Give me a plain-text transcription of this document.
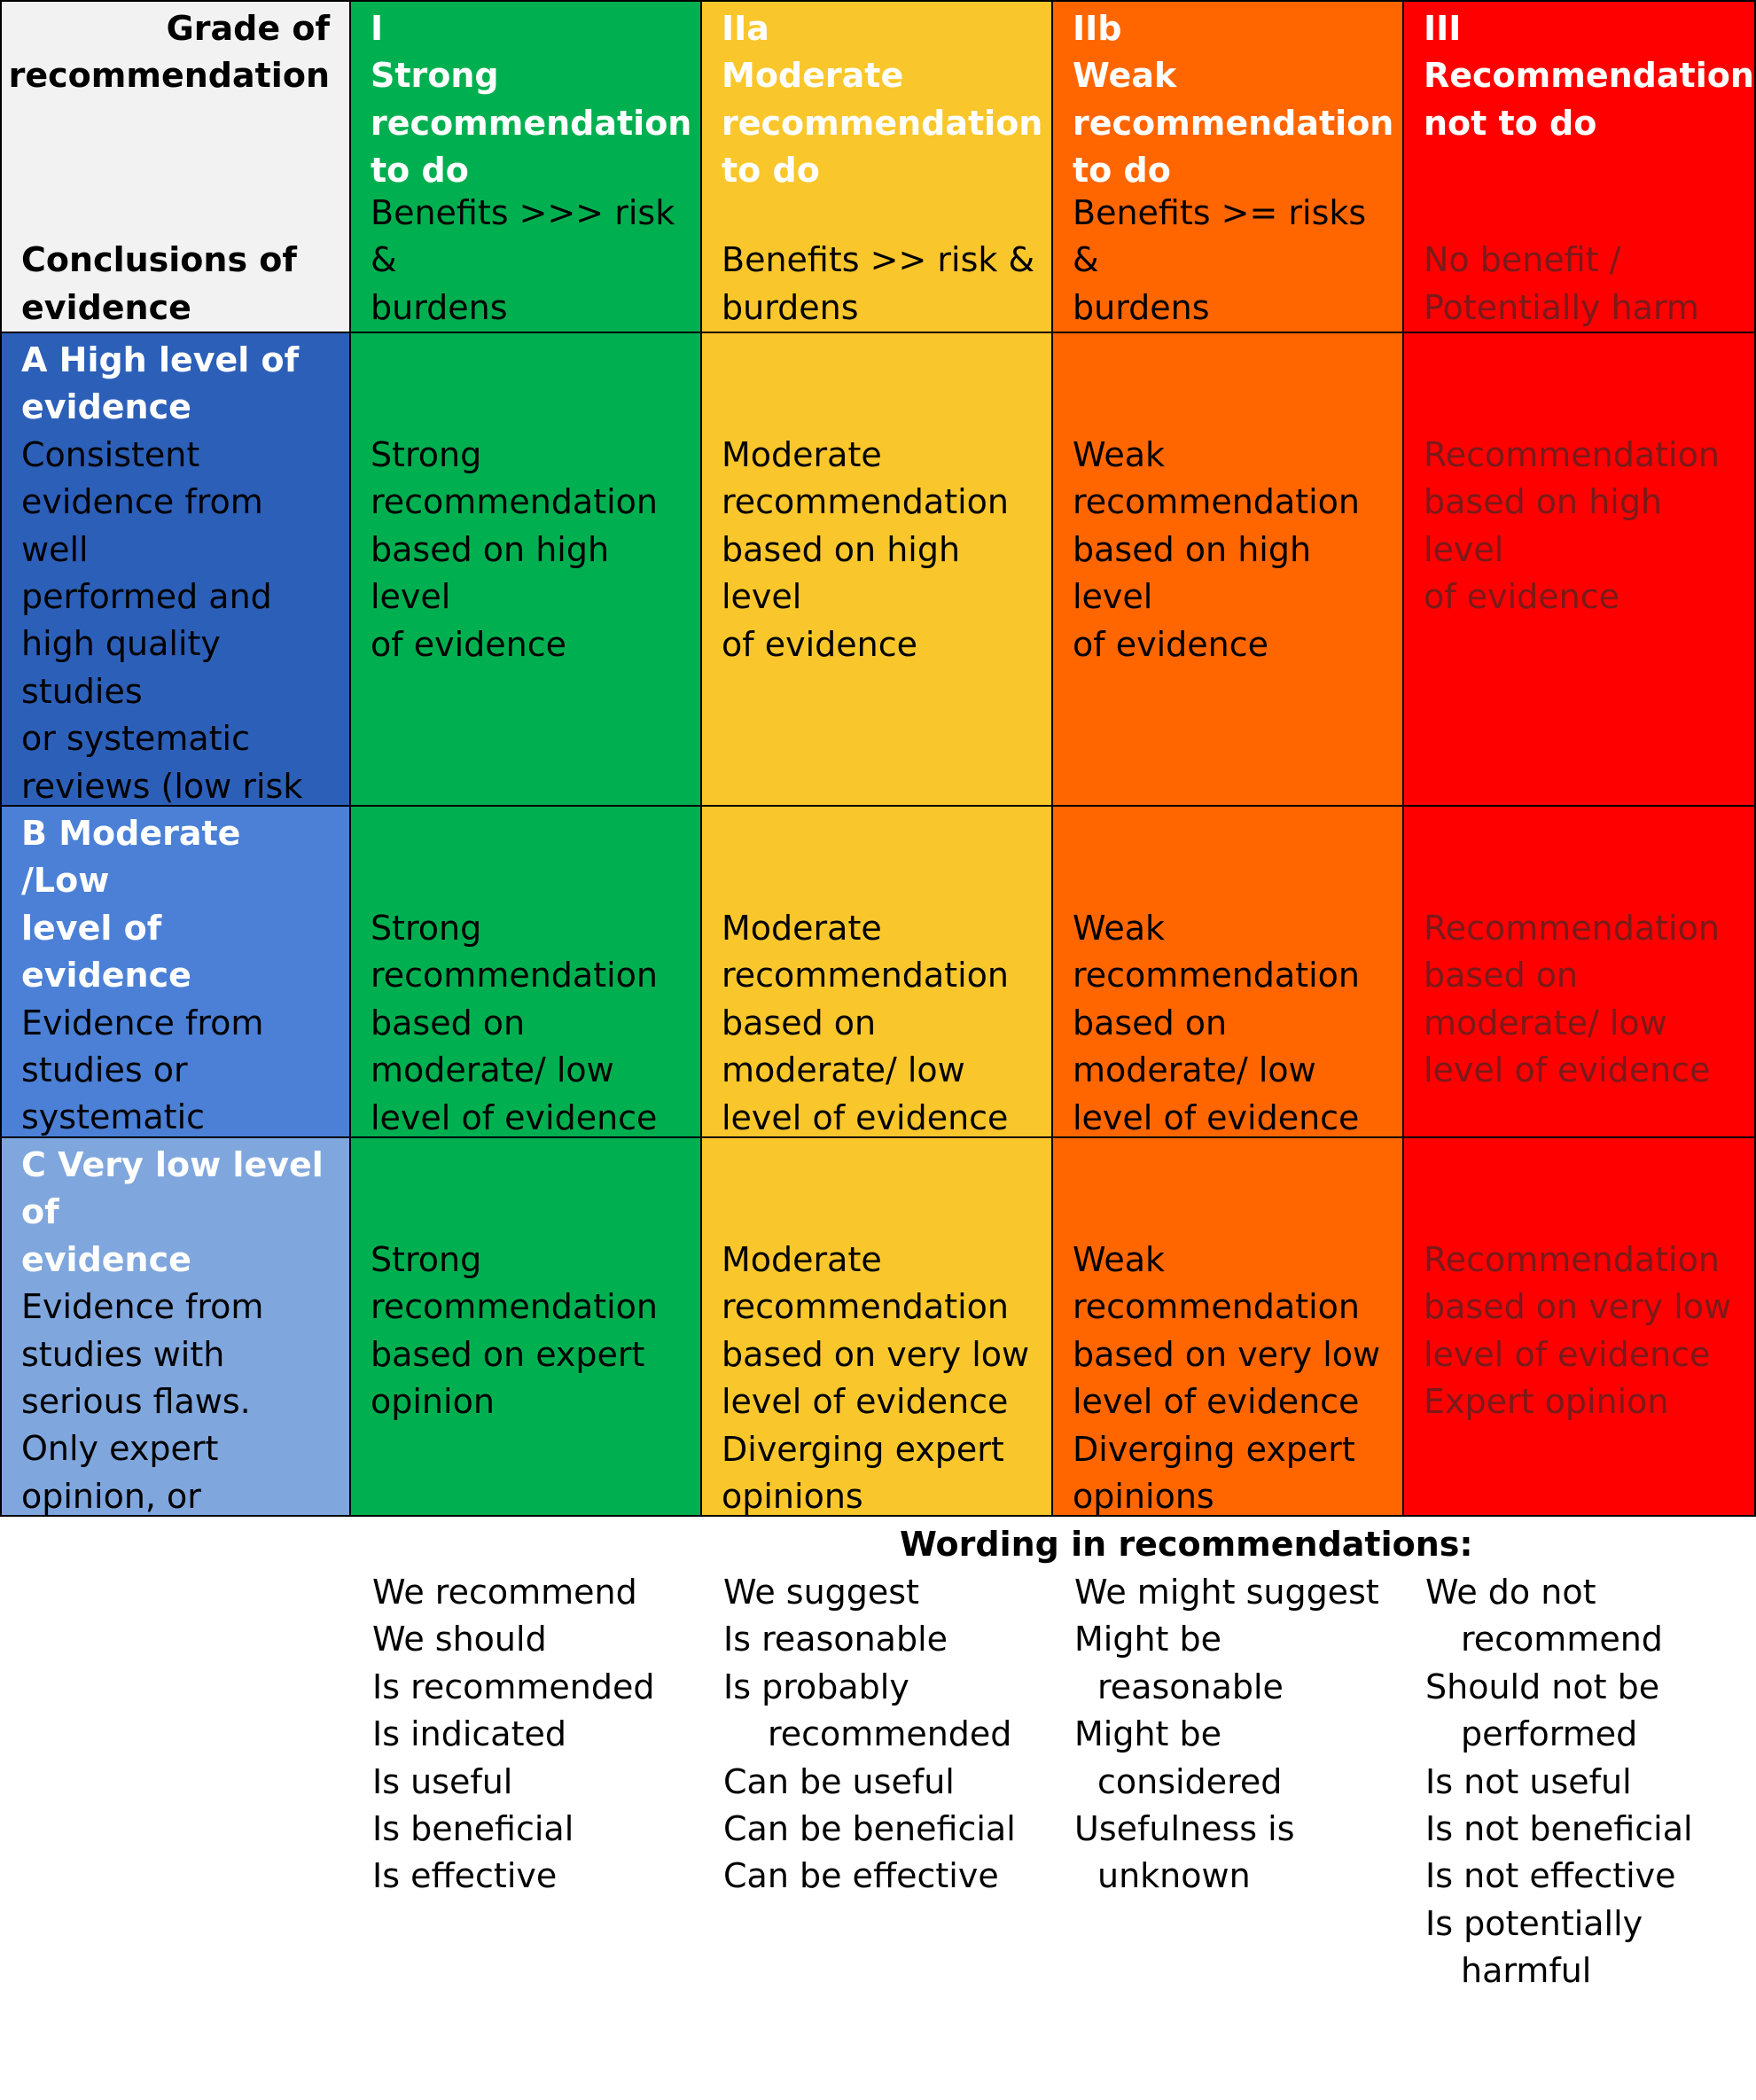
Grade of
recommendation
Conclusions of
evidence
I
Strong
recommendation
to do
Benefits >>> risk &
burdens
IIa
Moderate
recommendation
to do
Benefits >> risk &
burdens
IIb
Weak
recommendation
to do
Benefits >= risks &
burdens
III
Recommendation
not to do
No benefit /
Potentially harm
A High level of
evidence
Consistent
evidence from well
performed and
high quality studies
or systematic
reviews (low risk
Strong
recommendation
based on high level
of evidence
Moderate
recommendation
based on high level
of evidence
Weak
recommendation
based on high level
of evidence
Recommendation
based on high level
of evidence
B Moderate /Low
level of evidence
Evidence from
studies or
systematic
Strong
recommendation
based on
moderate/ low
level of evidence
Moderate
recommendation
based on
moderate/ low
level of evidence
Weak
recommendation
based on
moderate/ low
level of evidence
Recommendation
based on
moderate/ low
level of evidence
C Very low level of
evidence
Evidence from
studies with
serious flaws.
Only expert
opinion, or
Strong
recommendation
based on expert
opinion
Moderate
recommendation
based on very low
level of evidence
Diverging expert
opinions
Weak
recommendation
based on very low
level of evidence
Diverging expert
opinions
Recommendation
based on very low
level of evidence
Expert opinion
Wording in recommendations:
We recommend
We should
Is recommended
Is indicated
Is useful
Is beneficial
Is effective
We suggest
Is reasonable
Is probably
recommended
Can be useful
Can be beneficial
Can be effective
We might suggest
Might be
reasonable
Might be
considered
Usefulness is
unknown
We do not
recommend
Should not be
performed
Is not useful
Is not beneficial
Is not effective
Is potentially
harmful
